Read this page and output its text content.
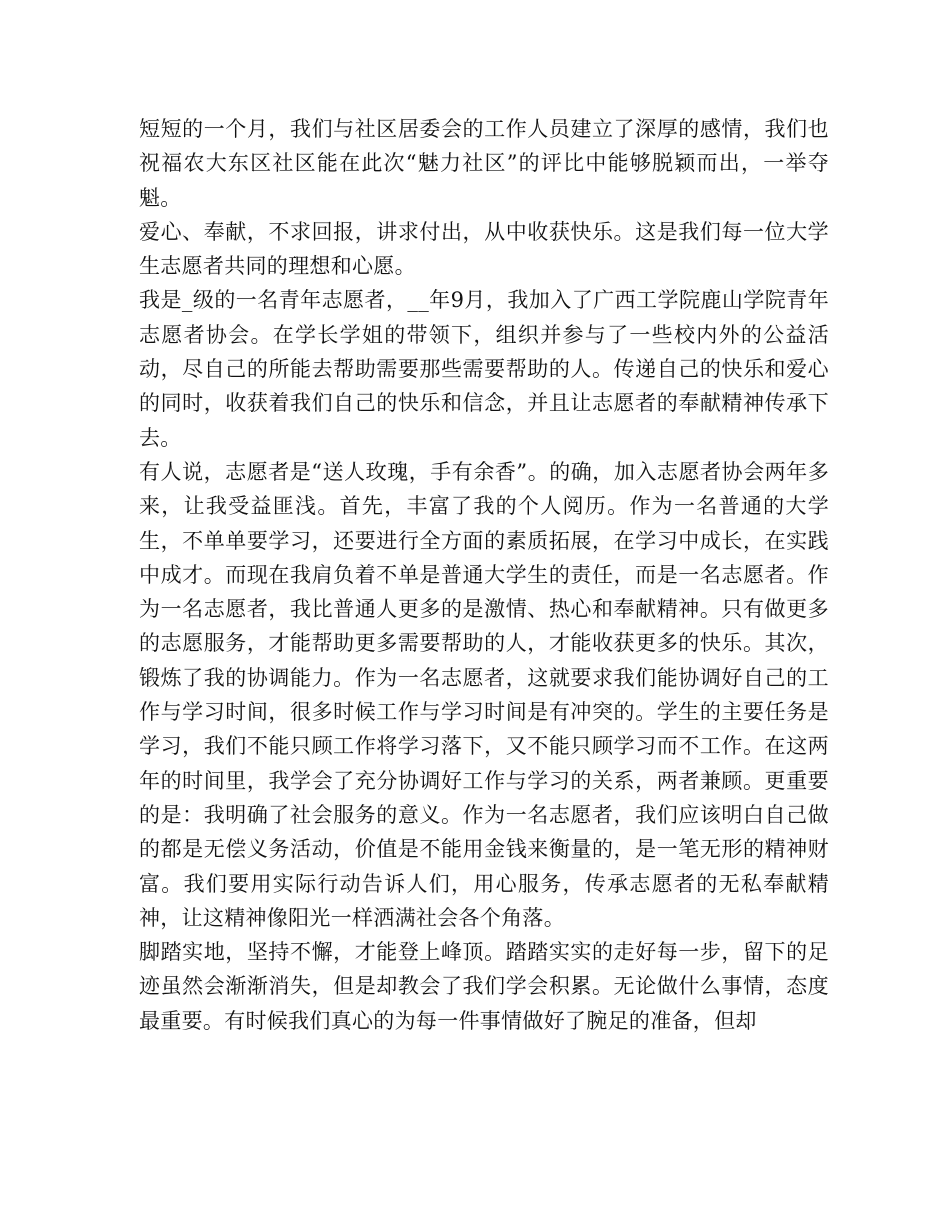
短短的一个月，我们与社区居委会的工作人员建立了深厚的感情，我们也祝福农大东区社区能在此次“魅力社区”的评比中能够脱颖而出，一举夺魁。

爱心、奉献，不求回报，讲求付出，从中收获快乐。这是我们每一位大学生志愿者共同的理想和心愿。

我是_级的一名青年志愿者，__年9月，我加入了广西工学院鹿山学院青年志愿者协会。在学长学姐的带领下，组织并参与了一些校内外的公益活动，尽自己的所能去帮助需要那些需要帮助的人。传递自己的快乐和爱心的同时，收获着我们自己的快乐和信念，并且让志愿者的奉献精神传承下去。

有人说，志愿者是“送人玫瑰，手有余香”。的确，加入志愿者协会两年多来，让我受益匪浅。首先，丰富了我的个人阅历。作为一名普通的大学生，不单单要学习，还要进行全方面的素质拓展，在学习中成长，在实践中成才。而现在我肩负着不单是普通大学生的责任，而是一名志愿者。作为一名志愿者，我比普通人更多的是激情、热心和奉献精神。只有做更多的志愿服务，才能帮助更多需要帮助的人，才能收获更多的快乐。其次，锻炼了我的协调能力。作为一名志愿者，这就要求我们能协调好自己的工作与学习时间，很多时候工作与学习时间是有冲突的。学生的主要任务是学习，我们不能只顾工作将学习落下，又不能只顾学习而不工作。在这两年的时间里，我学会了充分协调好工作与学习的关系，两者兼顾。更重要的是：我明确了社会服务的意义。作为一名志愿者，我们应该明白自己做的都是无偿义务活动，价值是不能用金钱来衡量的，是一笔无形的精神财富。我们要用实际行动告诉人们，用心服务，传承志愿者的无私奉献精神，让这精神像阳光一样洒满社会各个角落。

脚踏实地，坚持不懈，才能登上峰顶。踏踏实实的走好每一步，留下的足迹虽然会渐渐消失，但是却教会了我们学会积累。无论做什么事情，态度最重要。有时候我们真心的为每一件事情做好了腕足的准备，但却
